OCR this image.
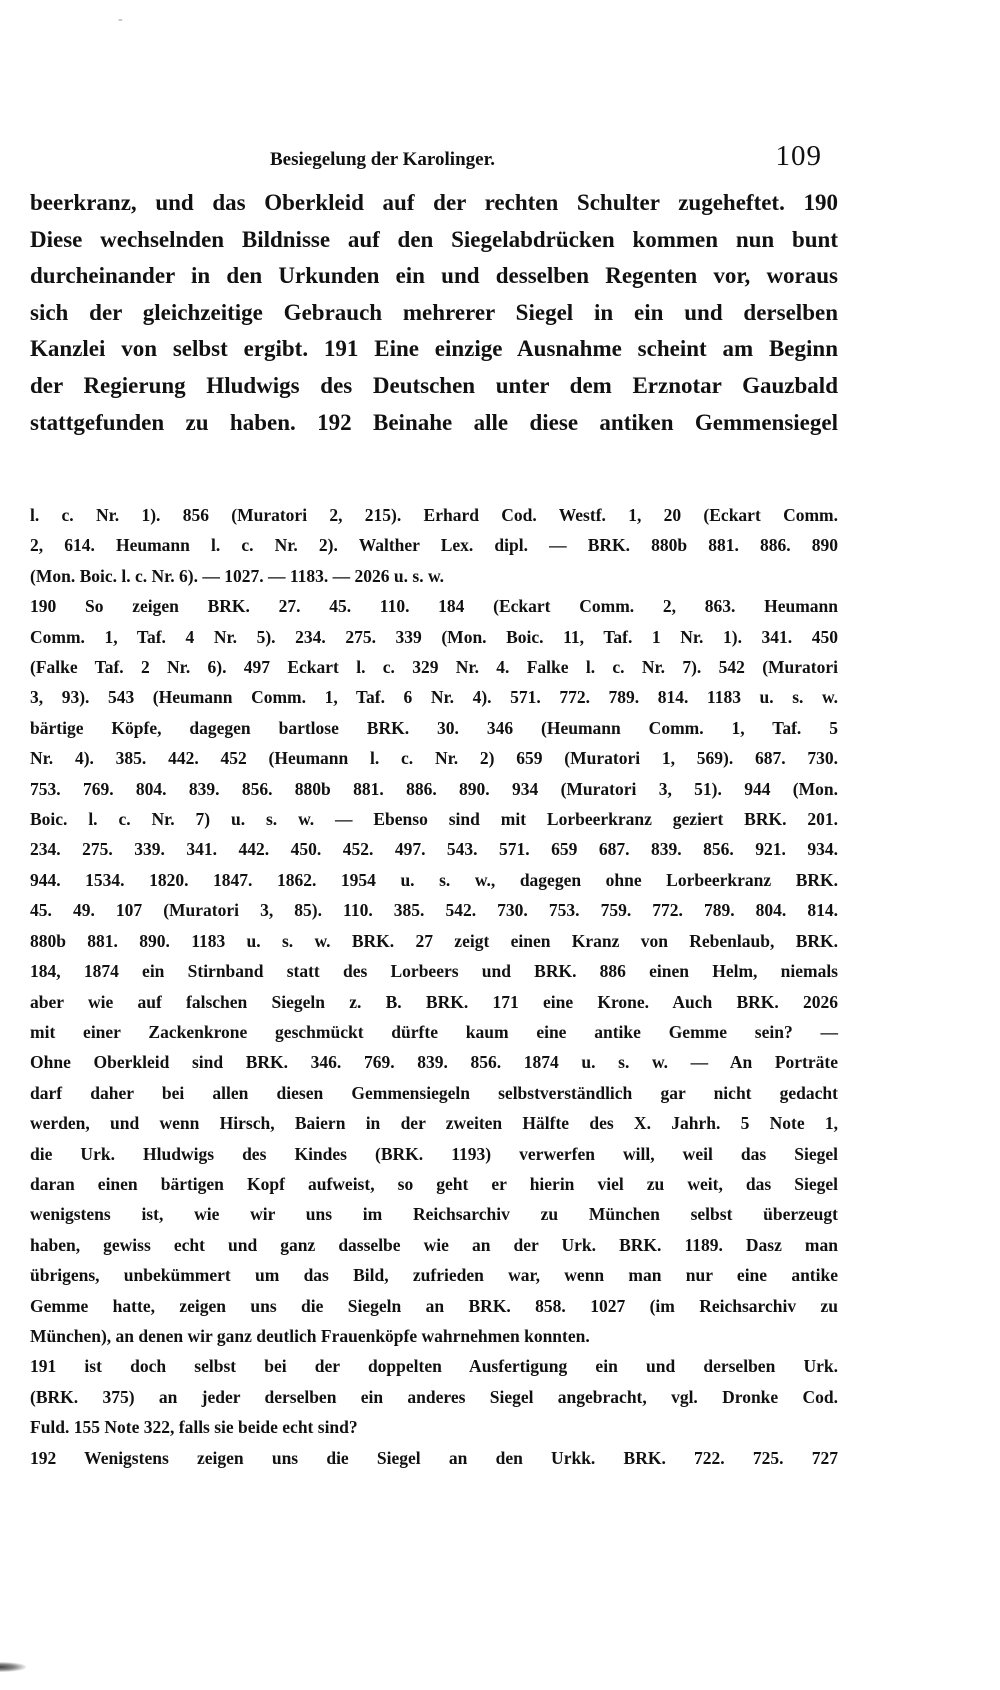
-
Besiegelung der Karolinger.	109
beerkranz, und das Oberkleid auf der rechten Schulter zugeheftet. 190
Diese wechselnden Bildnisse auf den Siegelabdrücken kommen nun bunt
durcheinander in den Urkunden ein und desselben Regenten vor, woraus
sich der gleichzeitige Gebrauch mehrerer Siegel in ein und derselben
Kanzlei von selbst ergibt. 191 Eine einzige Ausnahme scheint am Beginn
der Regierung Hludwigs des Deutschen unter dem Erznotar Gauzbald
stattgefunden zu haben. 192 Beinahe alle diese antiken Gemmensiegel
l. c. Nr. 1). 856 (Muratori 2, 215). Erhard Cod. Westf. 1, 20 (Eckart Comm.
2, 614. Heumann l. c. Nr. 2). Walther Lex. dipl. — BRK. 880b 881. 886. 890
(Mon. Boic. l. c. Nr. 6). — 1027. — 1183. — 2026 u. s. w.
190 So zeigen BRK. 27. 45. 110. 184 (Eckart Comm. 2, 863. Heumann
Comm. 1, Taf. 4 Nr. 5). 234. 275. 339 (Mon. Boic. 11, Taf. 1 Nr. 1). 341. 450
(Falke Taf. 2 Nr. 6). 497 Eckart l. c. 329 Nr. 4. Falke l. c. Nr. 7). 542 (Muratori
3, 93). 543 (Heumann Comm. 1, Taf. 6 Nr. 4). 571. 772. 789. 814. 1183 u. s. w.
bärtige Köpfe, dagegen bartlose BRK. 30. 346 (Heumann Comm. 1, Taf. 5
Nr. 4). 385. 442. 452 (Heumann l. c. Nr. 2) 659 (Muratori 1, 569). 687. 730.
753. 769. 804. 839. 856. 880b 881. 886. 890. 934 (Muratori 3, 51). 944 (Mon.
Boic. l. c. Nr. 7) u. s. w. — Ebenso sind mit Lorbeerkranz geziert BRK. 201.
234. 275. 339. 341. 442. 450. 452. 497. 543. 571. 659 687. 839. 856. 921. 934.
944. 1534. 1820. 1847. 1862. 1954 u. s. w., dagegen ohne Lorbeerkranz BRK.
45. 49. 107 (Muratori 3, 85). 110. 385. 542. 730. 753. 759. 772. 789. 804. 814.
880b 881. 890. 1183 u. s. w. BRK. 27 zeigt einen Kranz von Rebenlaub, BRK.
184, 1874 ein Stirnband statt des Lorbeers und BRK. 886 einen Helm, niemals
aber wie auf falschen Siegeln z. B. BRK. 171 eine Krone. Auch BRK. 2026
mit einer Zackenkrone geschmückt dürfte kaum eine antike Gemme sein? —
Ohne Oberkleid sind BRK. 346. 769. 839. 856. 1874 u. s. w. — An Porträte
darf daher bei allen diesen Gemmensiegeln selbstverständlich gar nicht gedacht
werden, und wenn Hirsch, Baiern in der zweiten Hälfte des X. Jahrh. 5 Note 1,
die Urk. Hludwigs des Kindes (BRK. 1193) verwerfen will, weil das Siegel
daran einen bärtigen Kopf aufweist, so geht er hierin viel zu weit, das Siegel
wenigstens ist, wie wir uns im Reichsarchiv zu München selbst überzeugt
haben, gewiss echt und ganz dasselbe wie an der Urk. BRK. 1189. Dasz man
übrigens, unbekümmert um das Bild, zufrieden war, wenn man nur eine antike
Gemme hatte, zeigen uns die Siegeln an BRK. 858. 1027 (im Reichsarchiv zu
München), an denen wir ganz deutlich Frauenköpfe wahrnehmen konnten.
191 ist doch selbst bei der doppelten Ausfertigung ein und derselben Urk.
(BRK. 375) an jeder derselben ein anderes Siegel angebracht, vgl. Dronke Cod.
Fuld. 155 Note 322, falls sie beide echt sind?
192 Wenigstens zeigen uns die Siegel an den Urkk. BRK. 722. 725. 727
